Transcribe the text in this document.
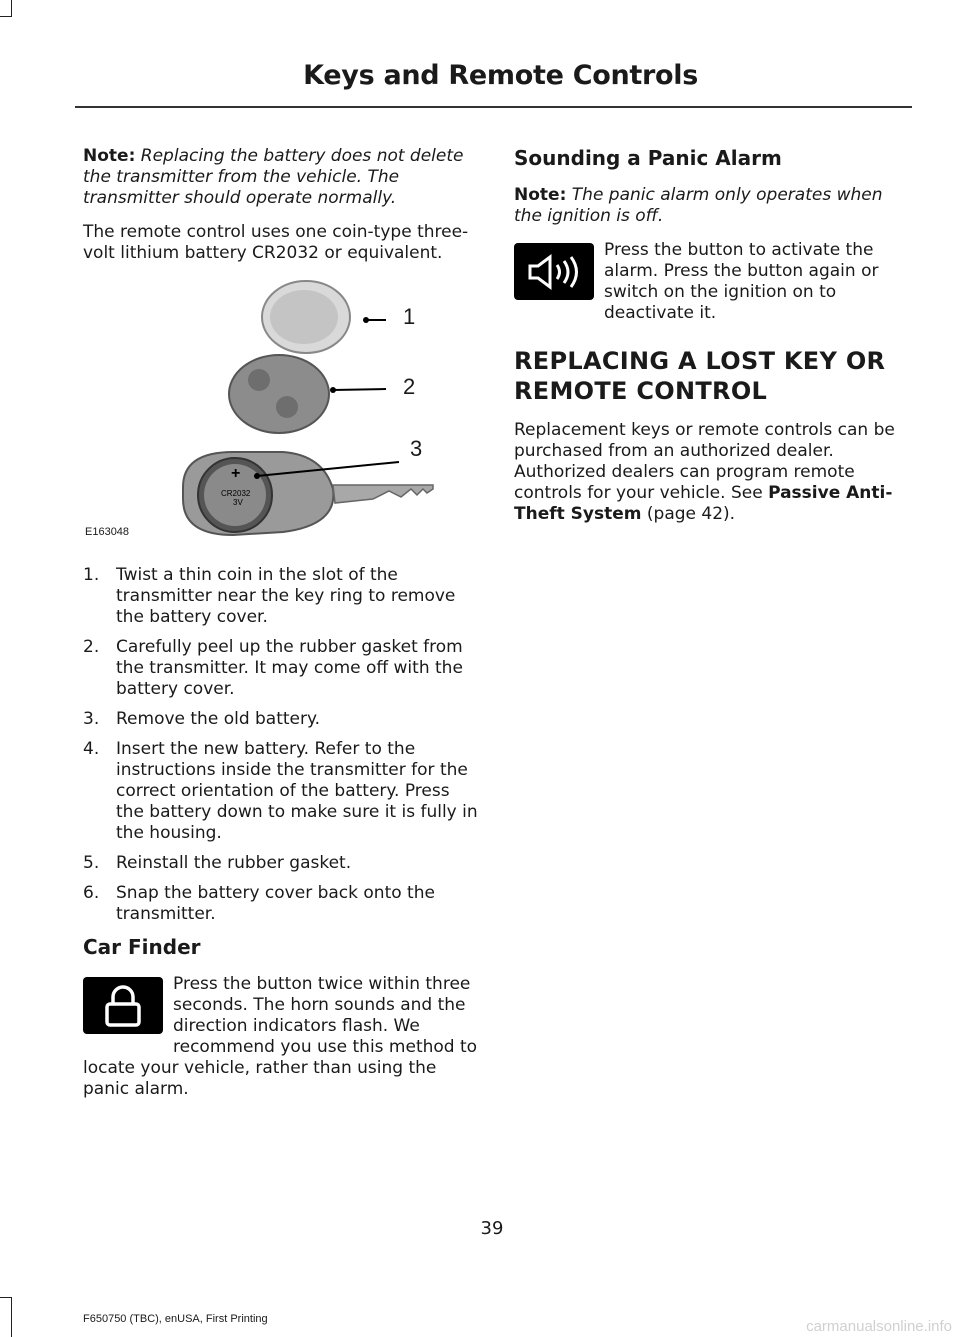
Keys and Remote Controls

Note: Replacing the battery does not delete the transmitter from the vehicle. The transmitter should operate normally.

The remote control uses one coin-type three-volt lithium battery CR2032 or equivalent.

+
CR2032
3V
1
2
3
E163048
1. Twist a thin coin in the slot of the transmitter near the key ring to remove the battery cover.
2. Carefully peel up the rubber gasket from the transmitter. It may come off with the battery cover.
3. Remove the old battery.
4. Insert the new battery. Refer to the instructions inside the transmitter for the correct orientation of the battery. Press the battery down to make sure it is fully in the housing.
5. Reinstall the rubber gasket.
6. Snap the battery cover back onto the transmitter.
Car Finder
Press the button twice within three seconds. The horn sounds and the direction indicators flash. We recommend you use this method to locate your vehicle, rather than using the panic alarm.
Sounding a Panic Alarm

Note: The panic alarm only operates when the ignition is off.

Press the button to activate the alarm. Press the button again or switch on the ignition on to deactivate it.
REPLACING A LOST KEY OR
REMOTE CONTROL

Replacement keys or remote controls can be purchased from an authorized dealer. Authorized dealers can program remote controls for your vehicle. See Passive Anti-Theft System (page 42).

39
F650750 (TBC), enUSA, First Printing	carmanualsonline.info
